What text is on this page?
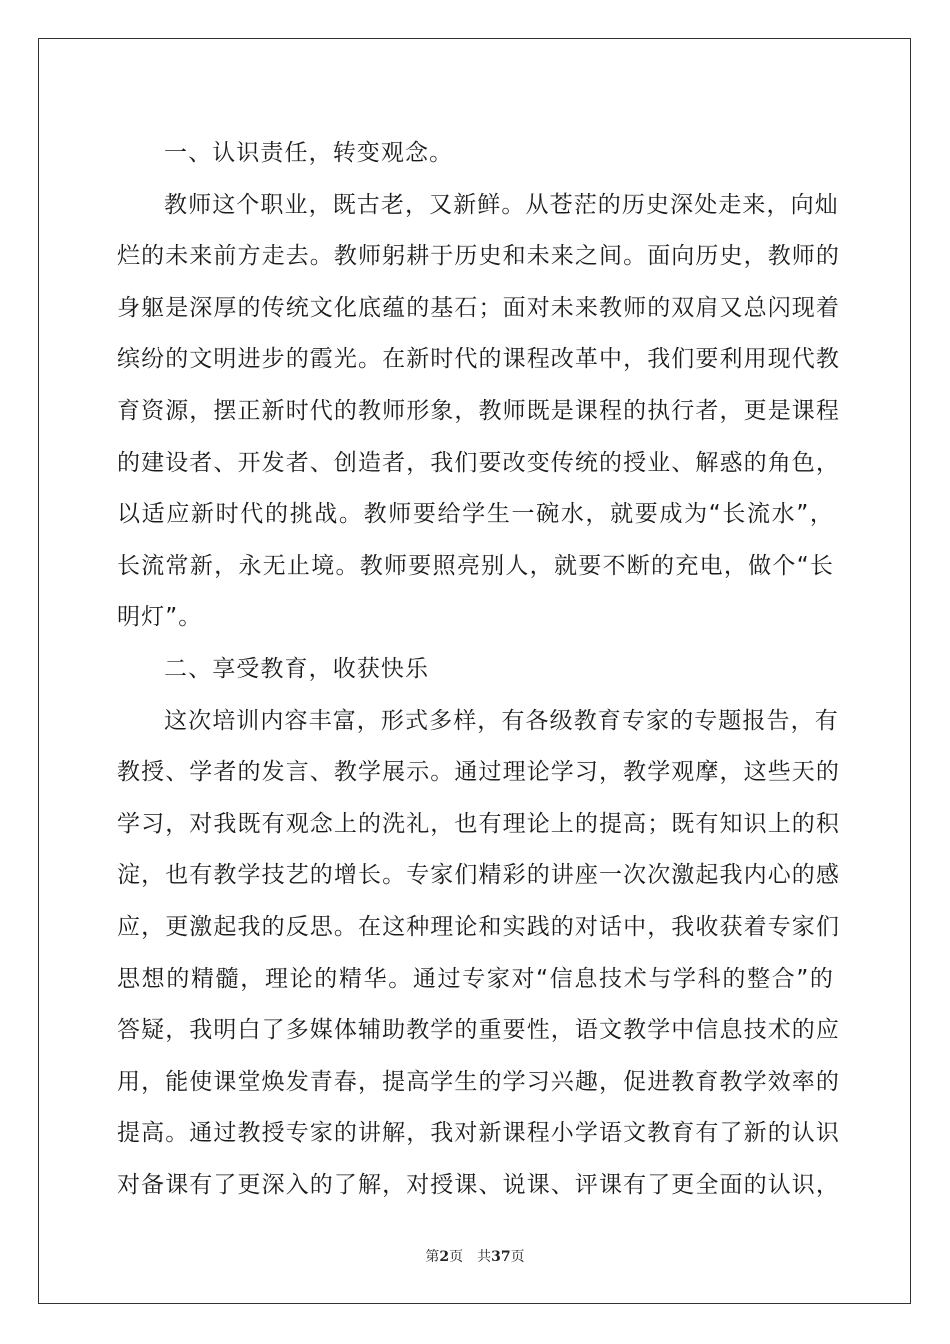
一、认识责任，转变观念。
教师这个职业，既古老，又新鲜。从苍茫的历史深处走来，向灿
烂的未来前方走去。教师躬耕于历史和未来之间。面向历史，教师的
身躯是深厚的传统文化底蕴的基石；面对未来教师的双肩又总闪现着
缤纷的文明进步的霞光。在新时代的课程改革中，我们要利用现代教
育资源，摆正新时代的教师形象，教师既是课程的执行者，更是课程
的建设者、开发者、创造者，我们要改变传统的授业、解惑的角色，
以适应新时代的挑战。教师要给学生一碗水，就要成为“长流水”，
长流常新，永无止境。教师要照亮别人，就要不断的充电，做个“长
明灯”。
二、享受教育，收获快乐
这次培训内容丰富，形式多样，有各级教育专家的专题报告，有
教授、学者的发言、教学展示。通过理论学习，教学观摩，这些天的
学习，对我既有观念上的洗礼，也有理论上的提高；既有知识上的积
淀，也有教学技艺的增长。专家们精彩的讲座一次次激起我内心的感
应，更激起我的反思。在这种理论和实践的对话中，我收获着专家们
思想的精髓，理论的精华。通过专家对“信息技术与学科的整合”的
答疑，我明白了多媒体辅助教学的重要性，语文教学中信息技术的应
用，能使课堂焕发青春，提高学生的学习兴趣，促进教育教学效率的
提高。通过教授专家的讲解，我对新课程小学语文教育有了新的认识
对备课有了更深入的了解，对授课、说课、评课有了更全面的认识，
第2页 共37页
